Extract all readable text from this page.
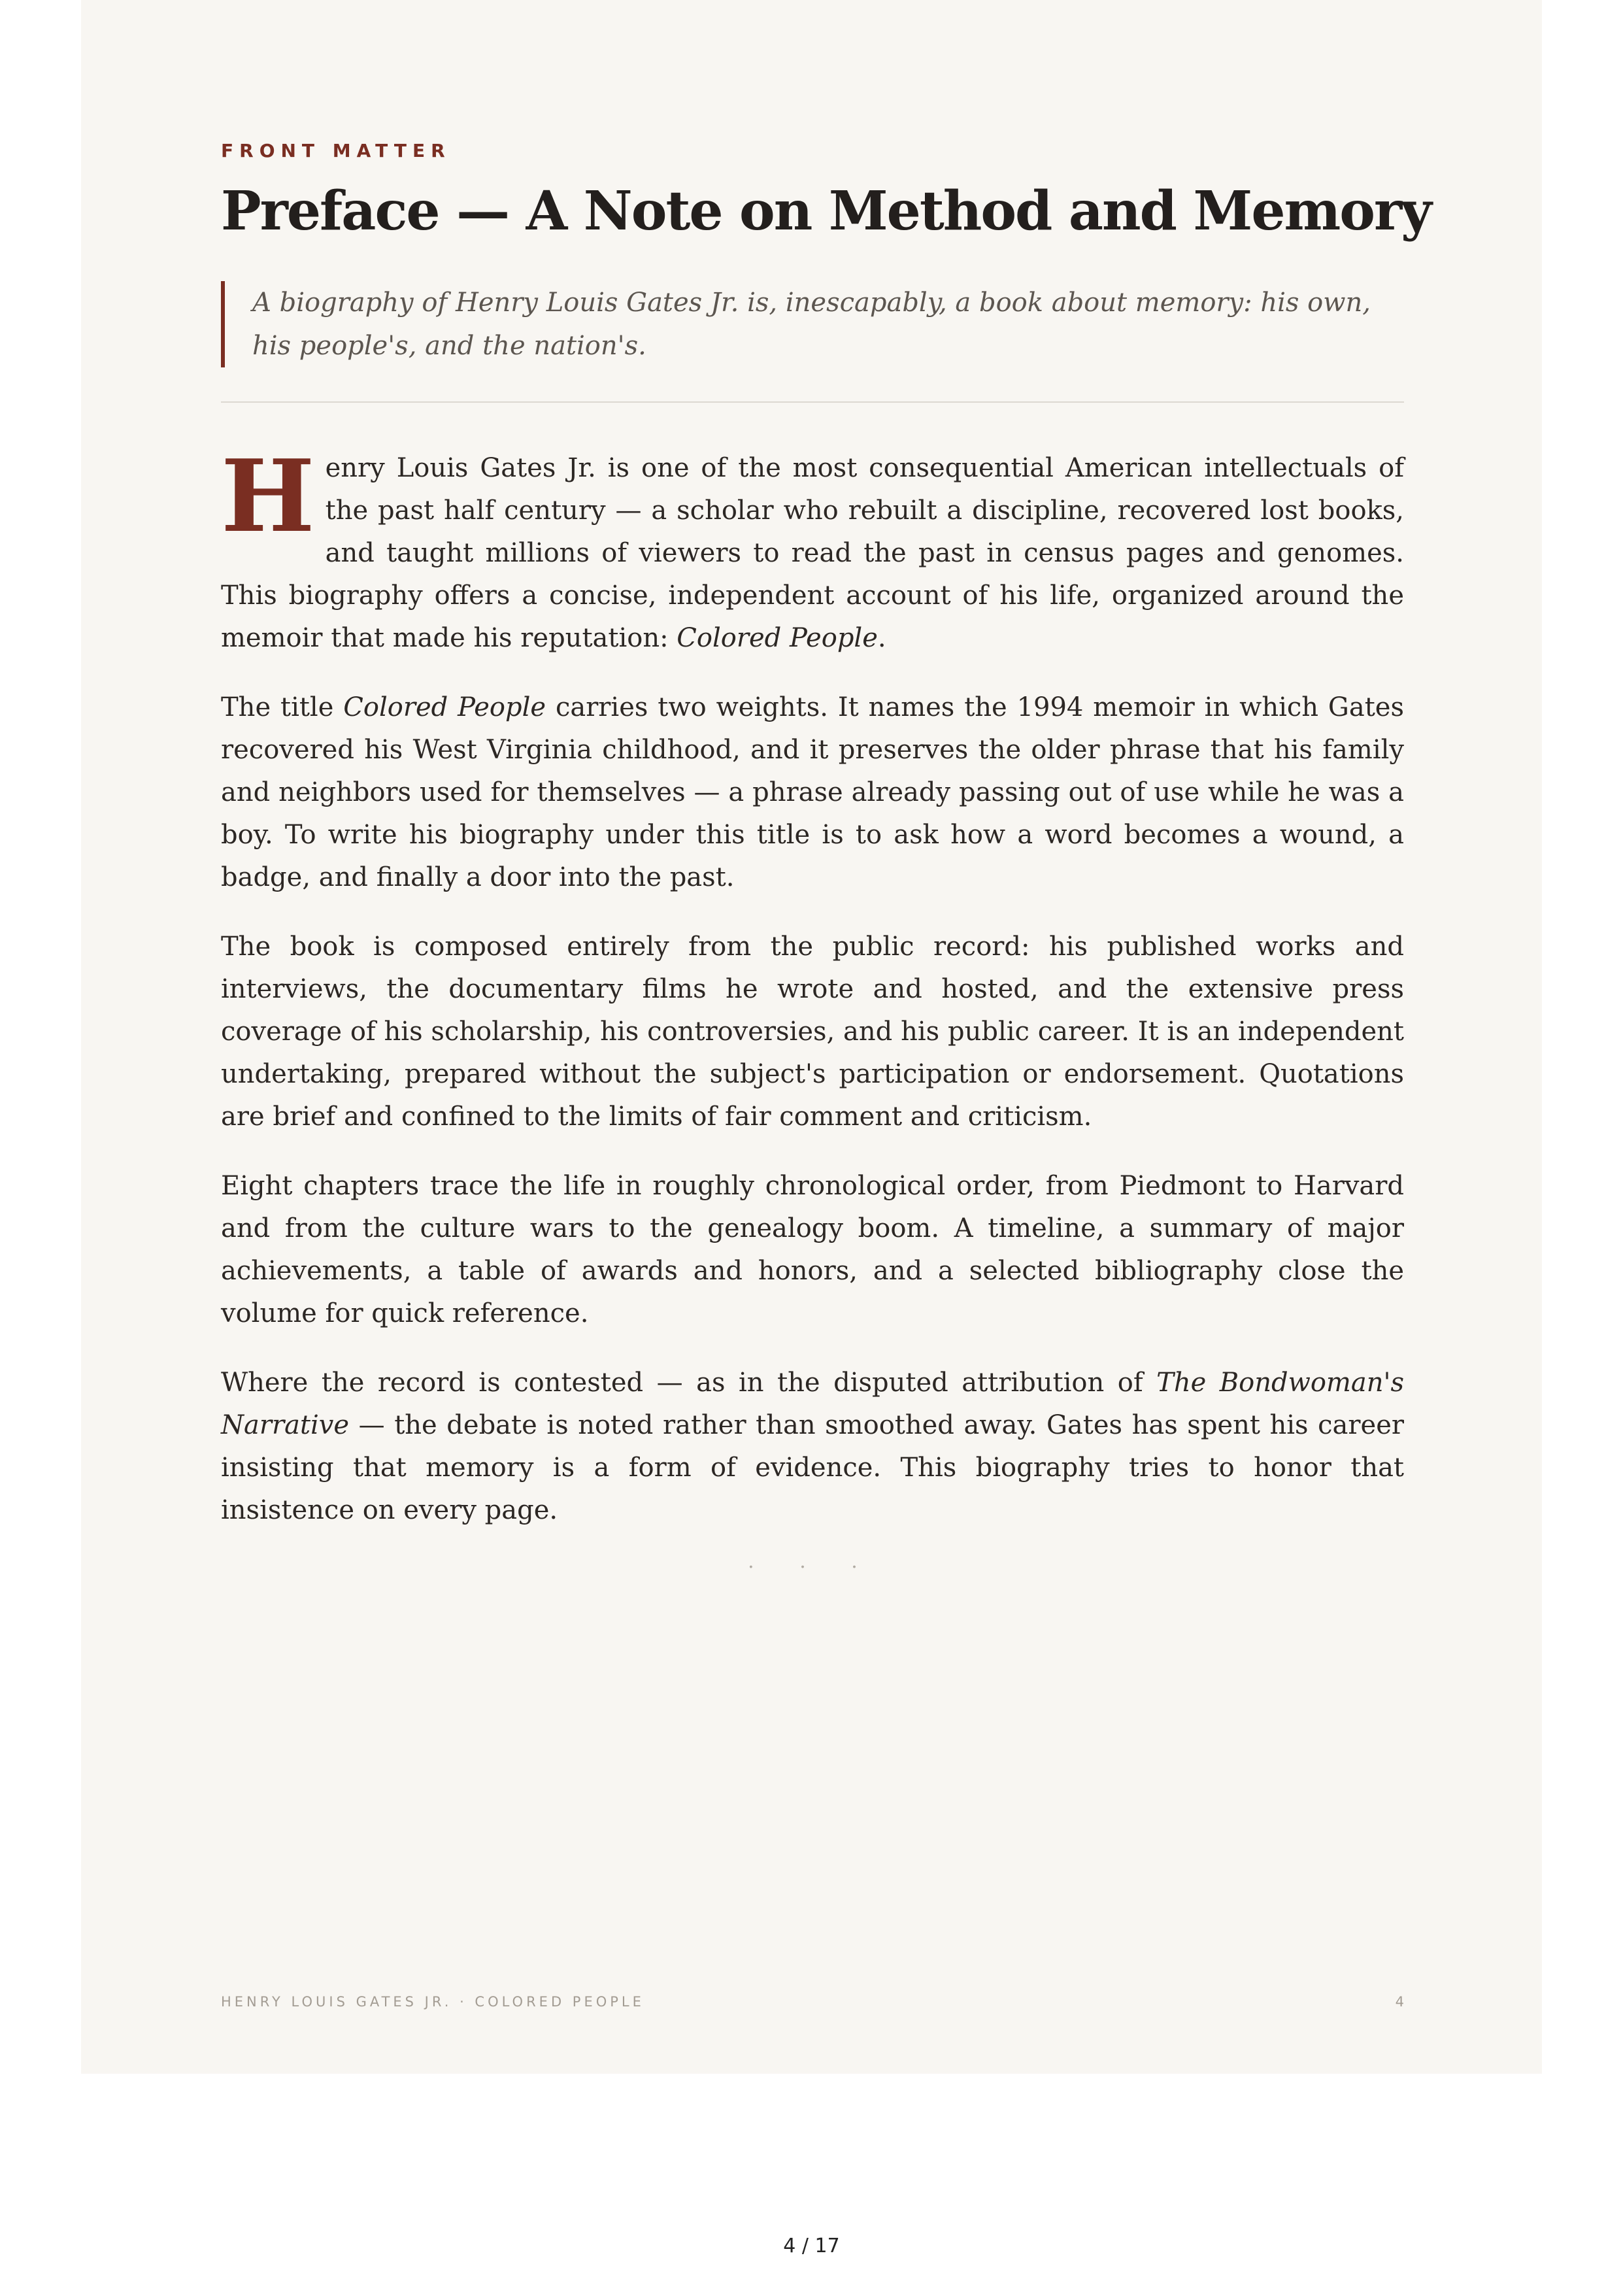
FRONT MATTER
Preface — A Note on Method and Memory
A biography of Henry Louis Gates Jr. is, inescapably, a book about memory: his own, his people's, and the nation's.

Henry Louis Gates Jr. is one of the most consequential American intellectuals of the past half century — a scholar who rebuilt a discipline, recovered lost books, and taught millions of viewers to read the past in census pages and genomes. This biography offers a concise, independent account of his life, organized around the memoir that made his reputation: Colored People.

The title Colored People carries two weights. It names the 1994 memoir in which Gates recovered his West Virginia childhood, and it preserves the older phrase that his family and neighbors used for themselves — a phrase already passing out of use while he was a boy. To write his biography under this title is to ask how a word becomes a wound, a badge, and finally a door into the past.

The book is composed entirely from the public record: his published works and interviews, the documentary films he wrote and hosted, and the extensive press coverage of his scholarship, his controversies, and his public career. It is an independent undertaking, prepared without the subject's participation or endorsement. Quotations are brief and confined to the limits of fair comment and criticism.

Eight chapters trace the life in roughly chronological order, from Piedmont to Harvard and from the culture wars to the genealogy boom. A timeline, a summary of major achievements, a table of awards and honors, and a selected bibliography close the volume for quick reference.

Where the record is contested — as in the disputed attribution of The Bondwoman's Narrative — the debate is noted rather than smoothed away. Gates has spent his career insisting that memory is a form of evidence. This biography tries to honor that insistence on every page.

· · ·
HENRY LOUIS GATES JR. · COLORED PEOPLE	4
4 / 17
